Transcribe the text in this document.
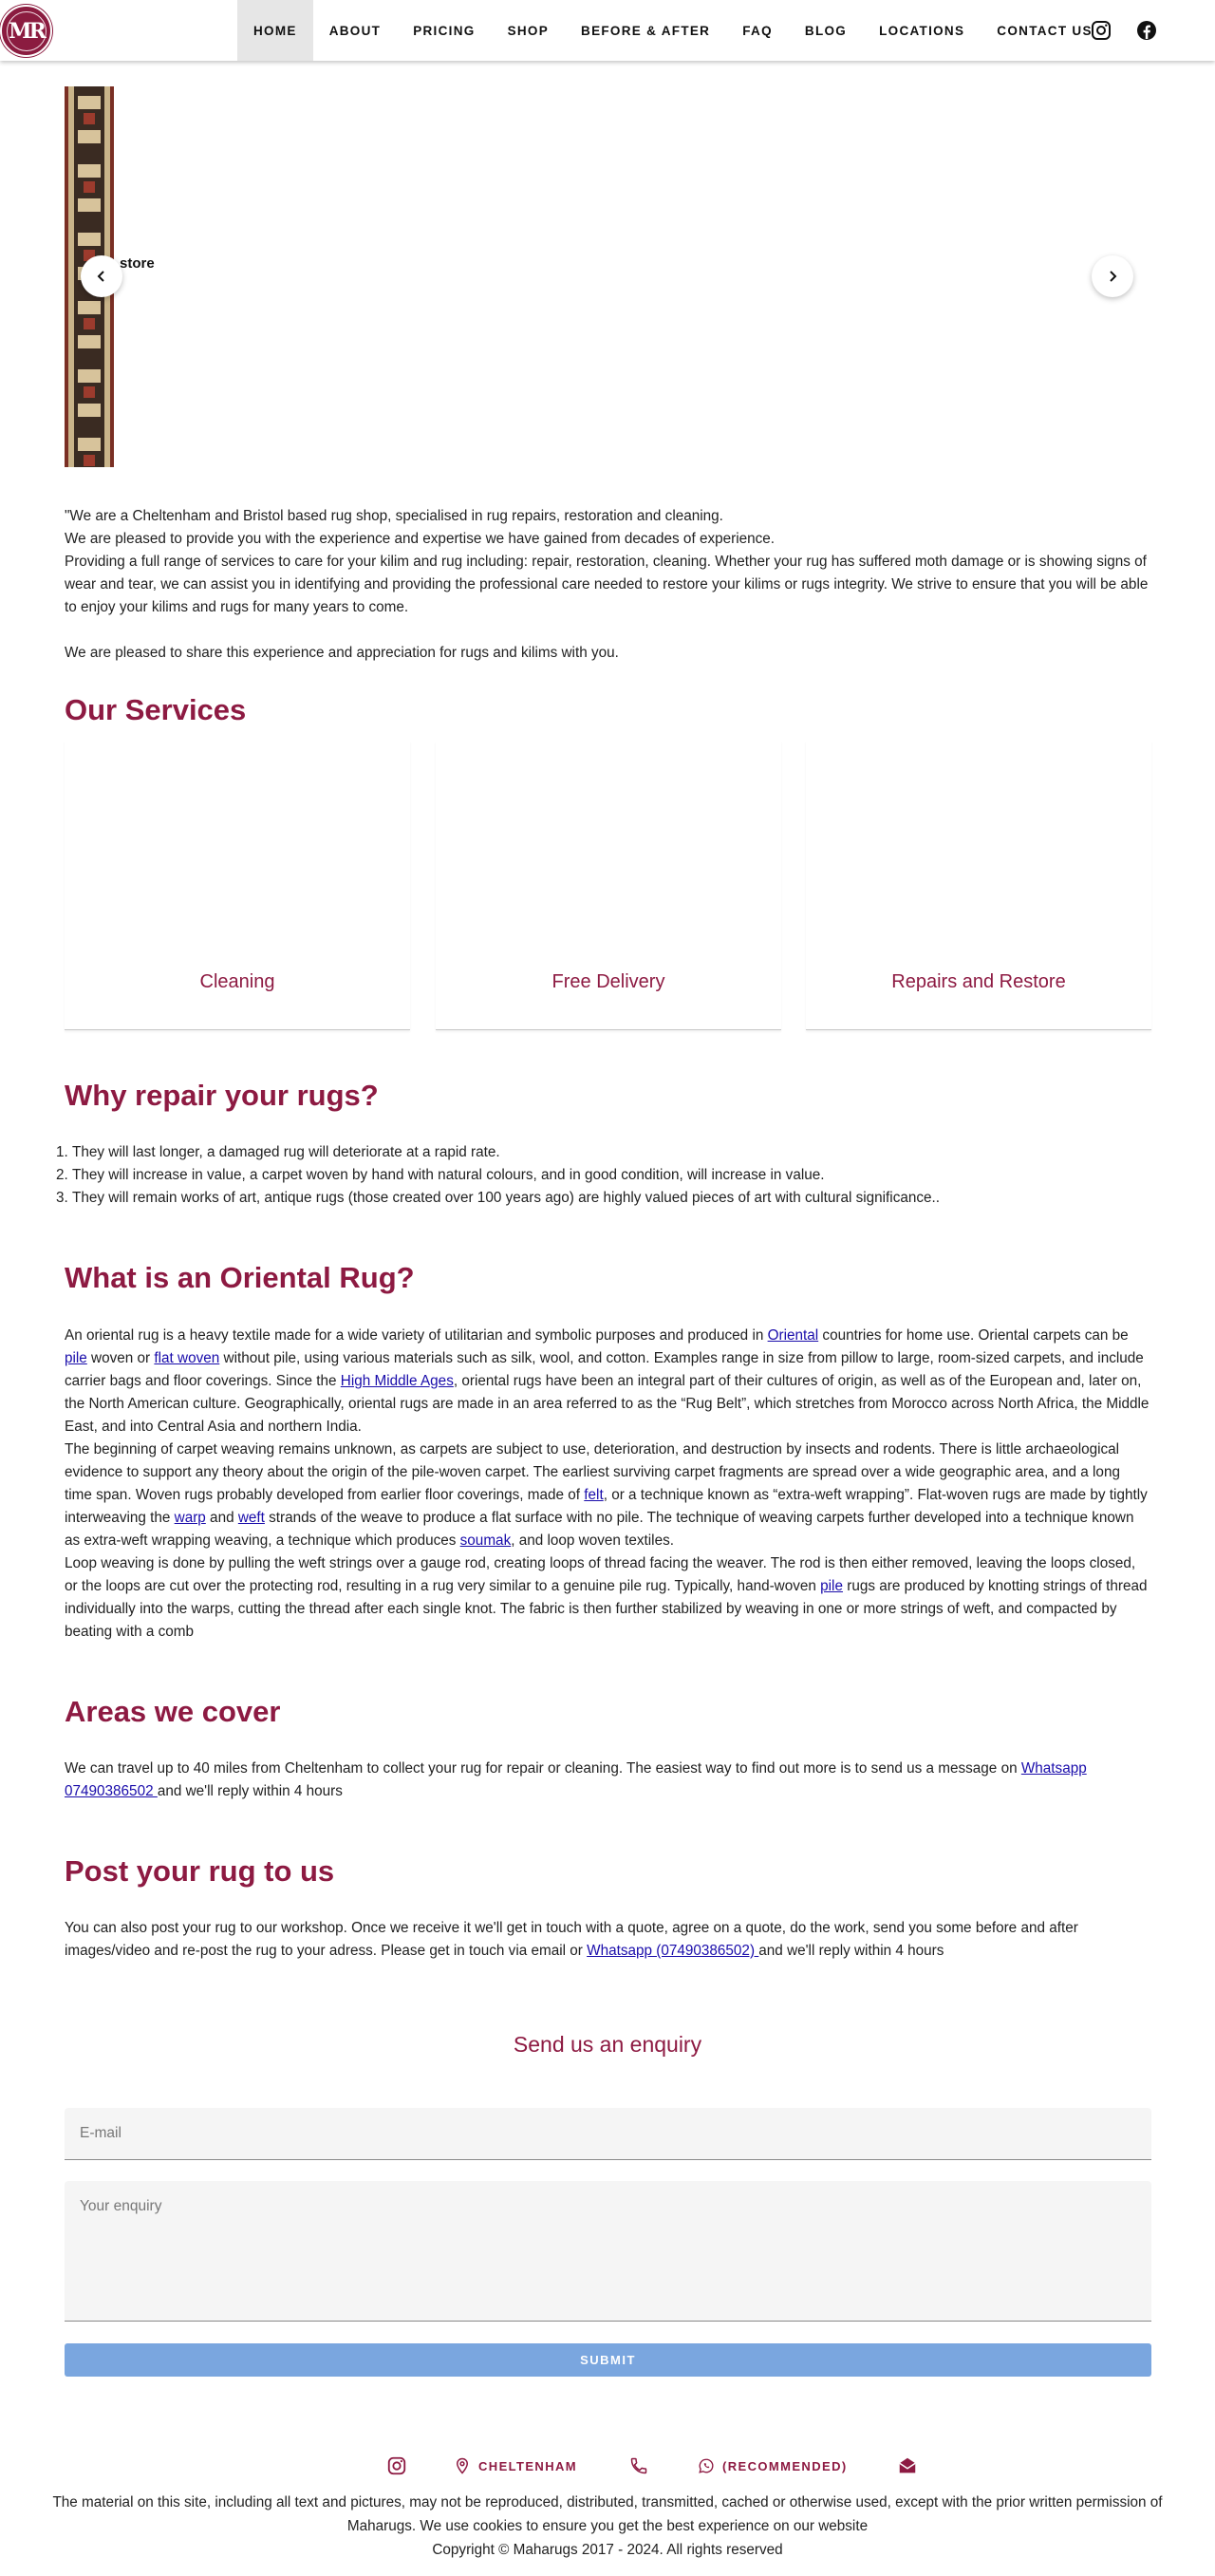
MR	HOME	ABOUT	PRICING	SHOP	BEFORE & AFTER	FAQ	BLOG	LOCATIONS	CONTACT US
store

"We are a Cheltenham and Bristol based rug shop, specialised in rug repairs, restoration and cleaning.

We are pleased to provide you with the experience and expertise we have gained from decades of experience.

Providing a full range of services to care for your kilim and rug including: repair, restoration, cleaning. Whether your rug has suffered moth damage or is showing signs of wear and tear, we can assist you in identifying and providing the professional care needed to restore your kilims or rugs integrity. We strive to ensure that you will be able to enjoy your kilims and rugs for many years to come.

We are pleased to share this experience and appreciation for rugs and kilims with you.

Our Services
Cleaning	Free Delivery	Repairs and Restore
Why repair your rugs?
1. They will last longer, a damaged rug will deteriorate at a rapid rate.
2. They will increase in value, a carpet woven by hand with natural colours, and in good condition, will increase in value.
3. They will remain works of art, antique rugs (those created over 100 years ago) are highly valued pieces of art with cultural significance..
What is an Oriental Rug?

An oriental rug is a heavy textile made for a wide variety of utilitarian and symbolic purposes and produced in Oriental countries for home use. Oriental carpets can be pile woven or flat woven without pile, using various materials such as silk, wool, and cotton. Examples range in size from pillow to large, room-sized carpets, and include carrier bags and floor coverings. Since the High Middle Ages, oriental rugs have been an integral part of their cultures of origin, as well as of the European and, later on, the North American culture. Geographically, oriental rugs are made in an area referred to as the “Rug Belt”, which stretches from Morocco across North Africa, the Middle East, and into Central Asia and northern India.

The beginning of carpet weaving remains unknown, as carpets are subject to use, deterioration, and destruction by insects and rodents. There is little archaeological evidence to support any theory about the origin of the pile-woven carpet. The earliest surviving carpet fragments are spread over a wide geographic area, and a long time span. Woven rugs probably developed from earlier floor coverings, made of felt, or a technique known as “extra-weft wrapping”. Flat-woven rugs are made by tightly interweaving the warp and weft strands of the weave to produce a flat surface with no pile. The technique of weaving carpets further developed into a technique known as extra-weft wrapping weaving, a technique which produces soumak, and loop woven textiles.

Loop weaving is done by pulling the weft strings over a gauge rod, creating loops of thread facing the weaver. The rod is then either removed, leaving the loops closed, or the loops are cut over the protecting rod, resulting in a rug very similar to a genuine pile rug. Typically, hand-woven pile rugs are produced by knotting strings of thread individually into the warps, cutting the thread after each single knot. The fabric is then further stabilized by weaving in one or more strings of weft, and compacted by beating with a comb

Areas we cover

We can travel up to 40 miles from Cheltenham to collect your rug for repair or cleaning. The easiest way to find out more is to send us a message on Whatsapp 07490386502 and we'll reply within 4 hours

Post your rug to us

You can also post your rug to our workshop. Once we receive it we'll get in touch with a quote, agree on a quote, do the work, send you some before and after images/video and re-post the rug to your adress. Please get in touch via email or Whatsapp (07490386502) and we'll reply within 4 hours

Send us an enquiry
E-mail
Your enquiry
SUBMIT
CHELTENHAM	(RECOMMENDED)

The material on this site, including all text and pictures, may not be reproduced, distributed, transmitted, cached or otherwise used, except with the prior written permission of Maharugs. We use cookies to ensure you get the best experience on our website

Copyright © Maharugs 2017 - 2024. All rights reserved
